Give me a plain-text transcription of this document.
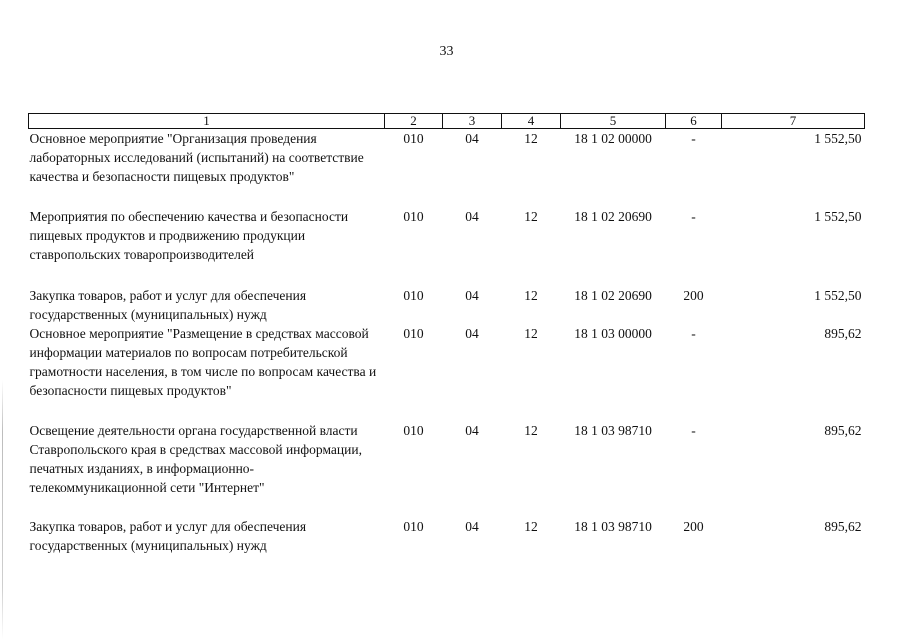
33
1	2	3	4	5	6	7
Основное мероприятие "Организация проведения лабораторных исследований (испытаний) на соответствие качества и безопасности пищевых продуктов"	010	04	12	18 1 02 00000	-	1 552,50
Мероприятия по обеспечению качества и безопасности пищевых продуктов и продвижению продукции ставропольских товаропроизводителей	010	04	12	18 1 02 20690	-	1 552,50
Закупка товаров, работ и услуг для обеспечения государственных (муниципальных) нужд	010	04	12	18 1 02 20690	200	1 552,50
Основное мероприятие "Размещение в средствах массовой информации материалов по вопросам потребительской грамотности населения, в том числе по вопросам качества и безопасности пищевых продуктов"	010	04	12	18 1 03 00000	-	895,62
Освещение деятельности органа государственной власти Ставропольского края в средствах массовой информации, печатных изданиях, в информационно-телекоммуникационной сети "Интернет"	010	04	12	18 1 03 98710	-	895,62
Закупка товаров, работ и услуг для обеспечения государственных (муниципальных) нужд	010	04	12	18 1 03 98710	200	895,62
